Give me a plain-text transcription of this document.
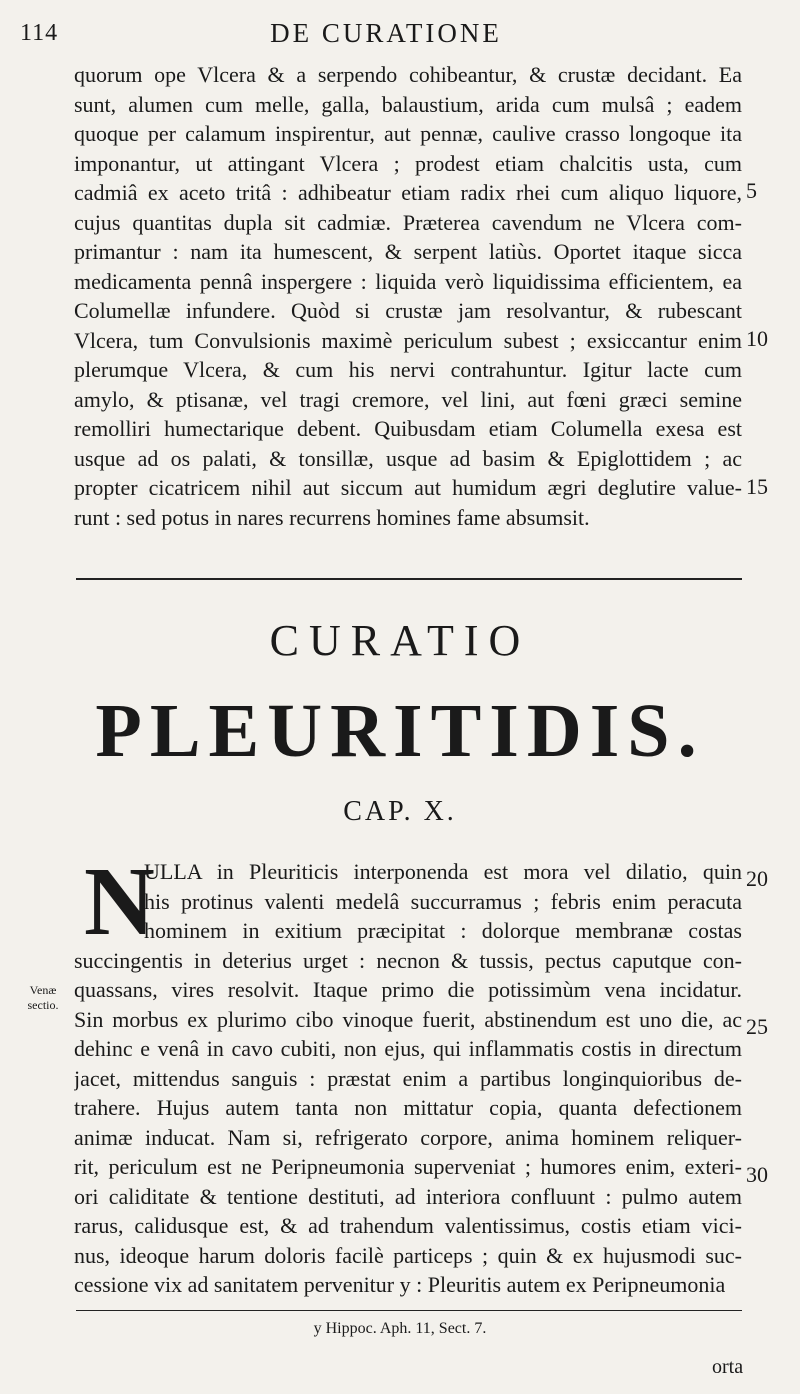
114	DE CURATIONE
quorum ope Vlcera & a serpendo cohibeantur, & crustæ decidant. Ea
sunt, alumen cum melle, galla, balaustium, arida cum mulsâ ; eadem
quoque per calamum inspirentur, aut pennæ, caulive crasso longoque ita
imponantur, ut attingant Vlcera ; prodest etiam chalcitis usta, cum
cadmiâ ex aceto tritâ : adhibeatur etiam radix rhei cum aliquo liquore,
cujus quantitas dupla sit cadmiæ. Præterea cavendum ne Vlcera com-
primantur : nam ita humescent, & serpent latiùs. Oportet itaque sicca
medicamenta pennâ inspergere : liquida verò liquidissima efficientem, ea
Columellæ infundere. Quòd si crustæ jam resolvantur, & rubescant
Vlcera, tum Convulsionis maximè periculum subest ; exsiccantur enim
plerumque Vlcera, & cum his nervi contrahuntur. Igitur lacte cum
amylo, & ptisanæ, vel tragi cremore, vel lini, aut fœni græci semine
remolliri humectarique debent. Quibusdam etiam Columella exesa est
usque ad os palati, & tonsillæ, usque ad basim & Epiglottidem ; ac
propter cicatricem nihil aut siccum aut humidum ægri deglutire value-
runt : sed potus in nares recurrens homines fame absumsit.
5
10
15
CURATIO
PLEURITIDIS.
CAP. X.
N
ULLA in Pleuriticis interponenda est mora vel dilatio, quin
his protinus valenti medelâ succurramus ; febris enim peracuta
hominem in exitium præcipitat : dolorque membranæ costas
succingentis in deterius urget : necnon & tussis, pectus caputque con-
quassans, vires resolvit. Itaque primo die potissimùm vena incidatur.
Sin morbus ex plurimo cibo vinoque fuerit, abstinendum est uno die, ac
dehinc e venâ in cavo cubiti, non ejus, qui inflammatis costis in directum
jacet, mittendus sanguis : præstat enim a partibus longinquioribus de-
trahere. Hujus autem tanta non mittatur copia, quanta defectionem
animæ inducat. Nam si, refrigerato corpore, anima hominem reliquer-
rit, periculum est ne Peripneumonia superveniat ; humores enim, exteri-
ori caliditate & tentione destituti, ad interiora confluunt : pulmo autem
rarus, calidusque est, & ad trahendum valentissimus, costis etiam vici-
nus, ideoque harum doloris facilè particeps ; quin & ex hujusmodi suc-
cessione vix ad sanitatem pervenitur y : Pleuritis autem ex Peripneumonia
20
25
30
Venæ sectio.
y Hippoc. Aph. 11, Sect. 7.
orta
